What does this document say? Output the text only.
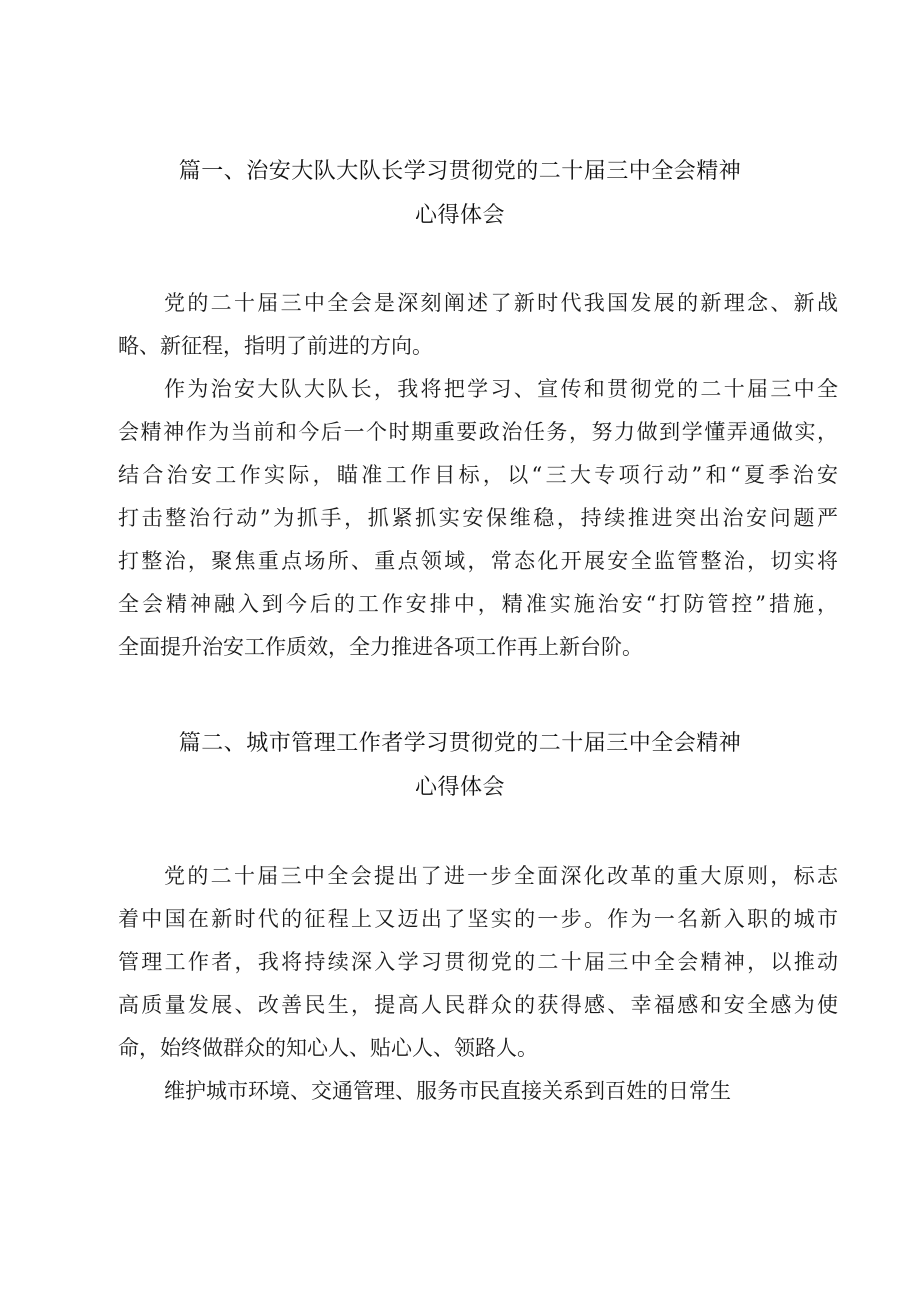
篇一、治安大队大队长学习贯彻党的二十届三中全会精神
心得体会

党的二十届三中全会是深刻阐述了新时代我国发展的新理念、新战
略、新征程，指明了前进的方向。

作为治安大队大队长，我将把学习、宣传和贯彻党的二十届三中全
会精神作为当前和今后一个时期重要政治任务，努力做到学懂弄通做实，
结合治安工作实际，瞄准工作目标，以“三大专项行动”和“夏季治安
打击整治行动”为抓手，抓紧抓实安保维稳，持续推进突出治安问题严
打整治，聚焦重点场所、重点领域，常态化开展安全监管整治，切实将
全会精神融入到今后的工作安排中，精准实施治安“打防管控”措施，
全面提升治安工作质效，全力推进各项工作再上新台阶。

篇二、城市管理工作者学习贯彻党的二十届三中全会精神
心得体会

党的二十届三中全会提出了进一步全面深化改革的重大原则，标志
着中国在新时代的征程上又迈出了坚实的一步。作为一名新入职的城市
管理工作者，我将持续深入学习贯彻党的二十届三中全会精神，以推动
高质量发展、改善民生，提高人民群众的获得感、幸福感和安全感为使
命，始终做群众的知心人、贴心人、领路人。

维护城市环境、交通管理、服务市民直接关系到百姓的日常生
